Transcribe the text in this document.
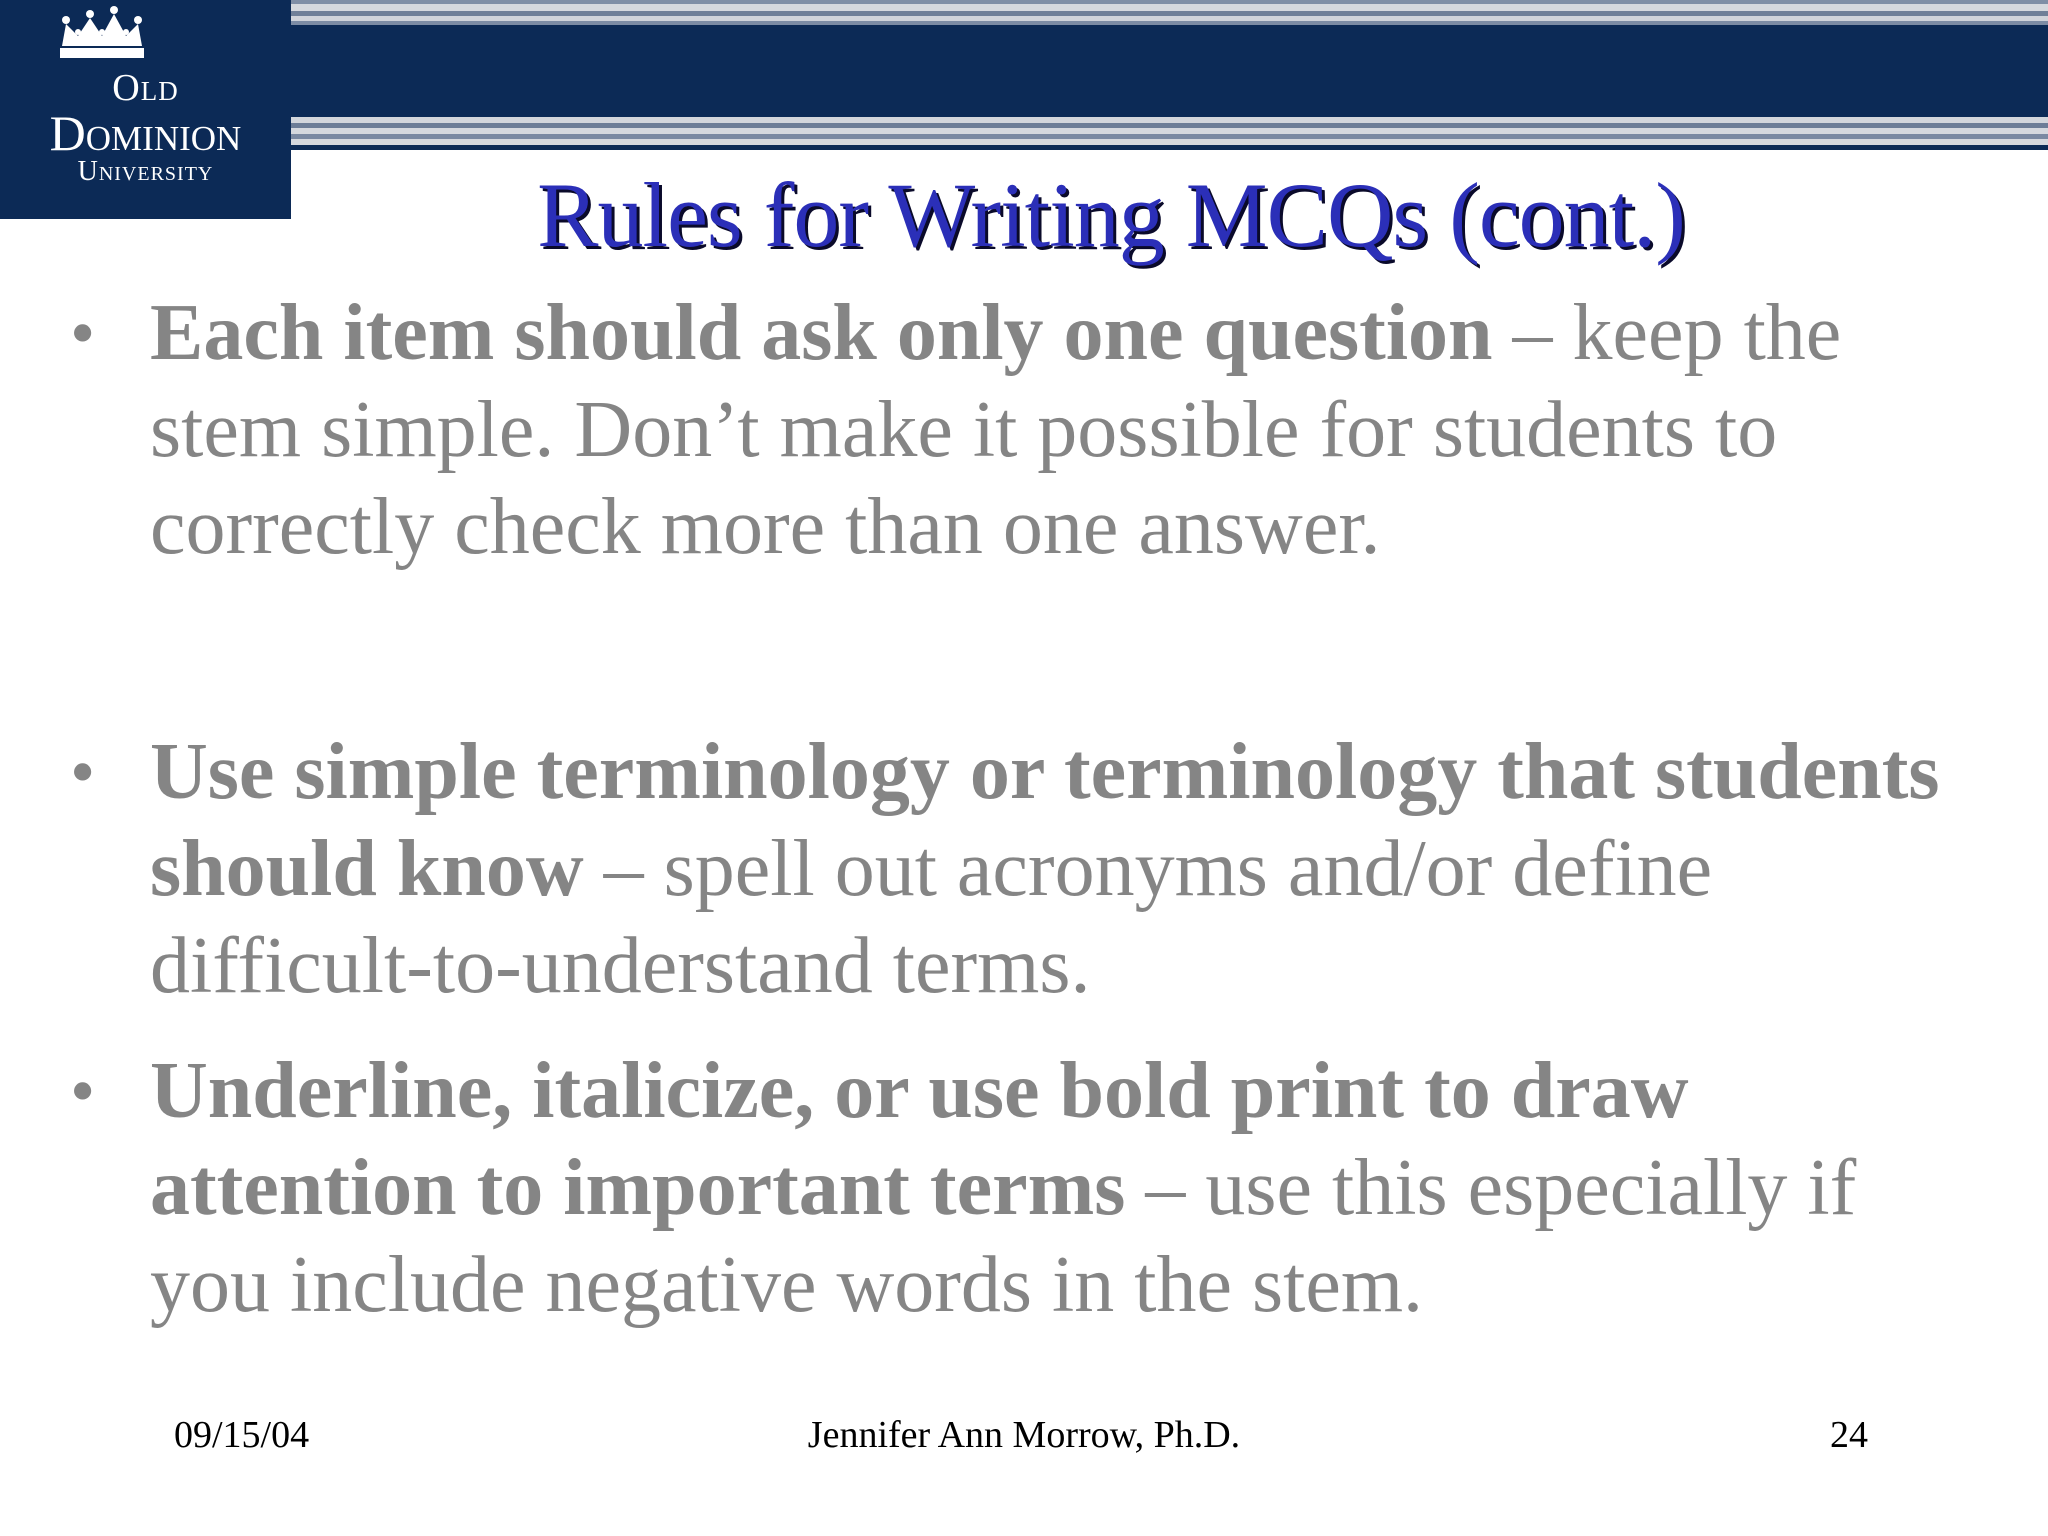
Old
Dominion
University	Rules for Writing MCQs (cont.)
• Each item should ask only one question – keep the stem simple. Don’t make it possible for students to correctly check more than one answer.
• Use simple terminology or terminology that students should know – spell out acronyms and/or define difficult-to-understand terms.
• Underline, italicize, or use bold print to draw attention to important terms – use this especially if you include negative words in the stem.
09/15/04	Jennifer Ann Morrow, Ph.D.	24
